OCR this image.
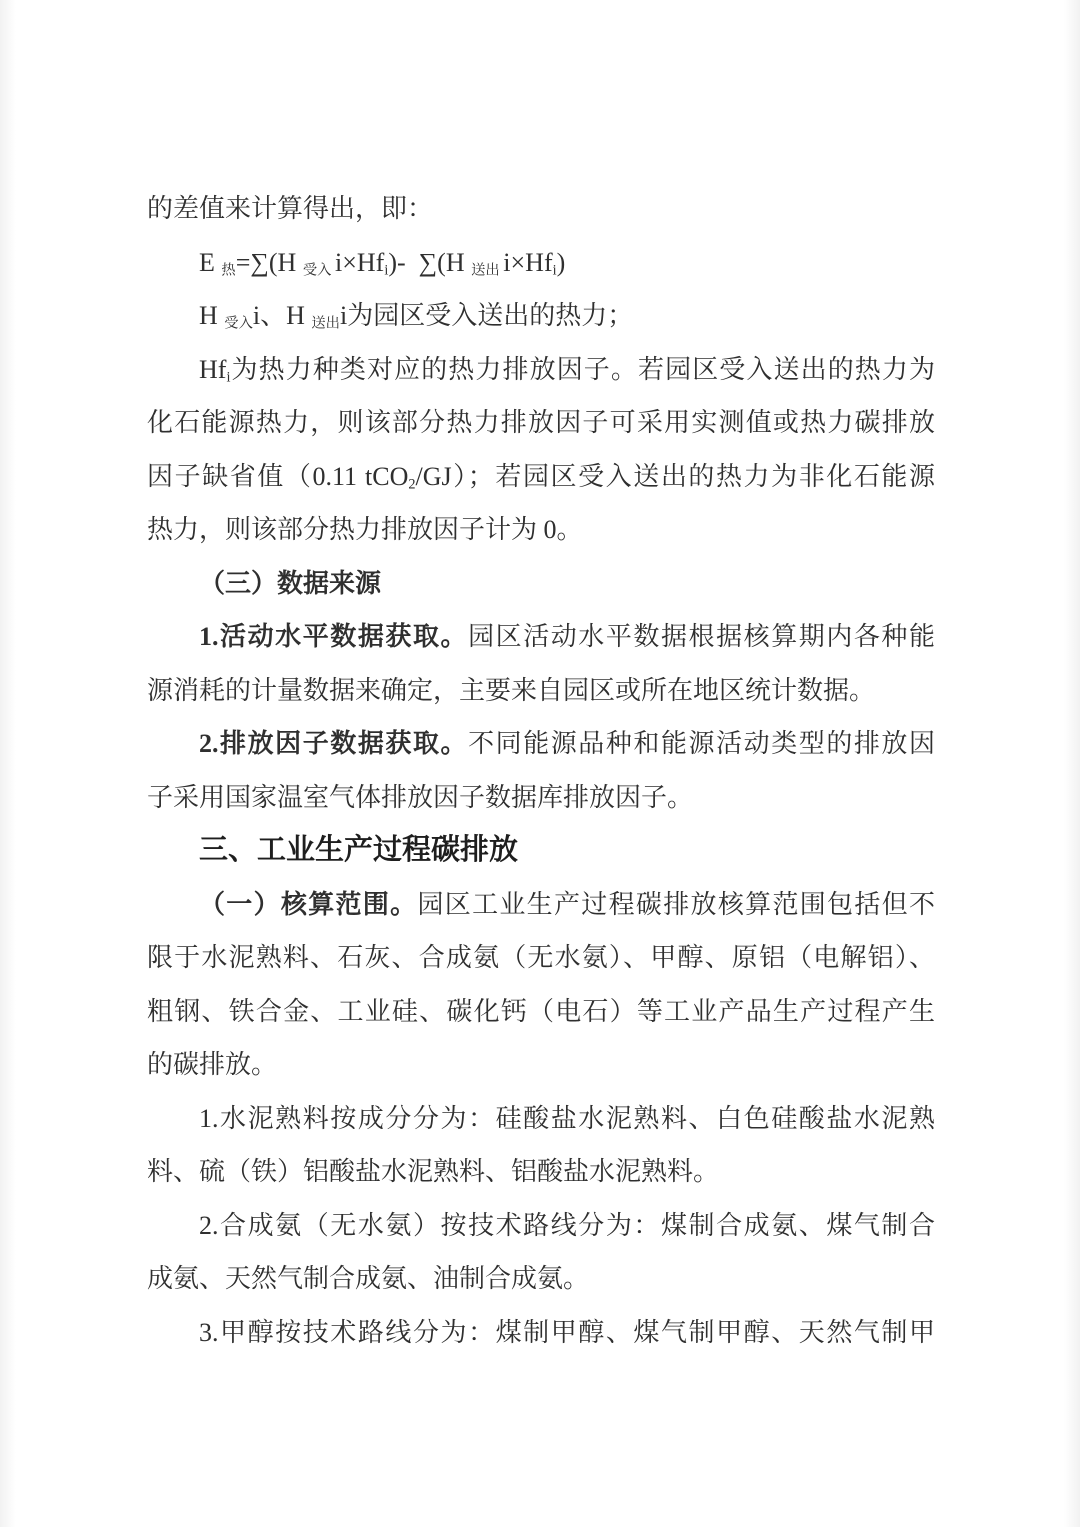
的差值来计算得出，即：
E 热=∑(H 受入 i×Hfi)-  ∑(H 送出 i×Hfi)
H 受入i、H 送出i为园区受入送出的热力；
Hfi为热力种类对应的热力排放因子。若园区受入送出的热力为
化石能源热力，则该部分热力排放因子可采用实测值或热力碳排放
因子缺省值（0.11 tCO2/GJ）；若园区受入送出的热力为非化石能源
热力，则该部分热力排放因子计为 0。
（三）数据来源
1.活动水平数据获取。园区活动水平数据根据核算期内各种能
源消耗的计量数据来确定，主要来自园区或所在地区统计数据。
2.排放因子数据获取。不同能源品种和能源活动类型的排放因
子采用国家温室气体排放因子数据库排放因子。
三、工业生产过程碳排放
（一）核算范围。园区工业生产过程碳排放核算范围包括但不
限于水泥熟料、石灰、合成氨（无水氨）、甲醇、原铝（电解铝）、
粗钢、铁合金、工业硅、碳化钙（电石）等工业产品生产过程产生
的碳排放。
1.水泥熟料按成分分为：硅酸盐水泥熟料、白色硅酸盐水泥熟
料、硫（铁）铝酸盐水泥熟料、铝酸盐水泥熟料。
2.合成氨（无水氨）按技术路线分为：煤制合成氨、煤气制合
成氨、天然气制合成氨、油制合成氨。
3.甲醇按技术路线分为：煤制甲醇、煤气制甲醇、天然气制甲
